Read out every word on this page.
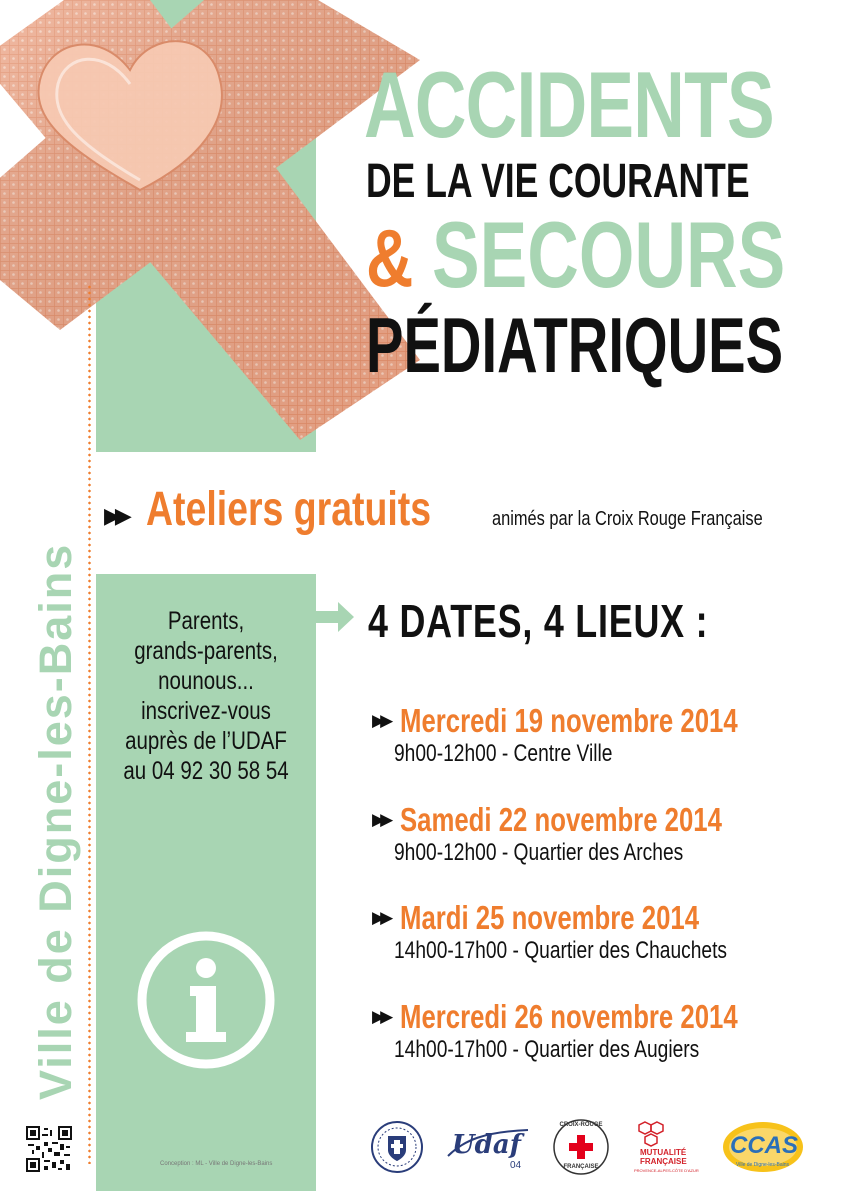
Ville de Digne-les-Bains
ACCIDENTS
DE LA VIE COURANTE
& SECOURS
PÉDIATRIQUES
▶▶ Ateliers gratuits	animés par la Croix Rouge Française
Parents,
grands-parents,
nounous...
inscrivez-vous
auprès de l’UDAF
au 04 92 30 58 54
4 DATES, 4 LIEUX :
▶▶ Mercredi 19 novembre 2014
9h00-12h00 - Centre Ville
▶▶ Samedi 22 novembre 2014
9h00-12h00 - Quartier des Arches
▶▶ Mardi 25 novembre 2014
14h00-17h00 - Quartier des Chauchets
▶▶ Mercredi 26 novembre 2014
14h00-17h00 - Quartier des Augiers
Conception : ML - Ville de Digne-les-Bains
Udaf
04
CROIX-ROUGE
FRANÇAISE
MUTUALITÉ
FRANÇAISE
PROVENCE-ALPES-CÔTE D'AZUR
CCAS
Ville de Digne-les-Bains
